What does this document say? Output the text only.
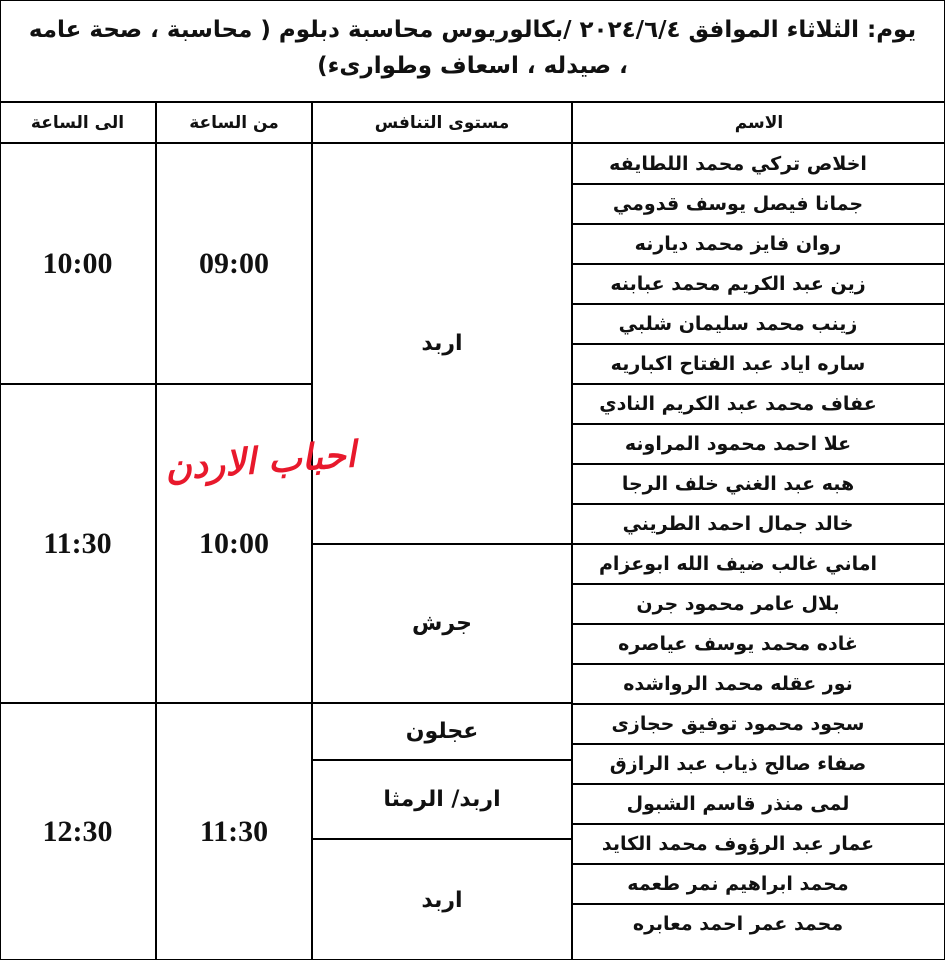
يوم: الثلاثاء الموافق ٢٠٢٤/٦/٤ /بكالوريوس محاسبة دبلوم ( محاسبة ، صحة عامه
، صيدله ، اسعاف وطوارىء)
الاسم
مستوى التنافس
من الساعة
الى الساعة
اخلاص تركي محمد اللطايفه
جمانا فيصل يوسف قدومي
روان فايز محمد ديارنه
زين عبد الكريم محمد عبابنه
زينب محمد سليمان شلبي
ساره اياد عبد الفتاح اكباريه
عفاف محمد عبد الكريم النادي
علا احمد محمود المراونه
هبه عبد الغني خلف الرجا
خالد جمال احمد الطريني
اماني غالب ضيف الله ابوعزام
بلال عامر محمود جرن
غاده محمد يوسف عياصره
نور عقله محمد الرواشده
سجود محمود توفيق حجازى
صفاء صالح ذياب عبد الرازق
لمى منذر قاسم الشبول
عمار عبد الرؤوف محمد الكايد
محمد ابراهيم نمر طعمه
محمد عمر احمد معابره
اربد
جرش
عجلون
اربد/ الرمثا
اربد
09:00
10:00
10:00
11:30
11:30
12:30
احباب الاردن
